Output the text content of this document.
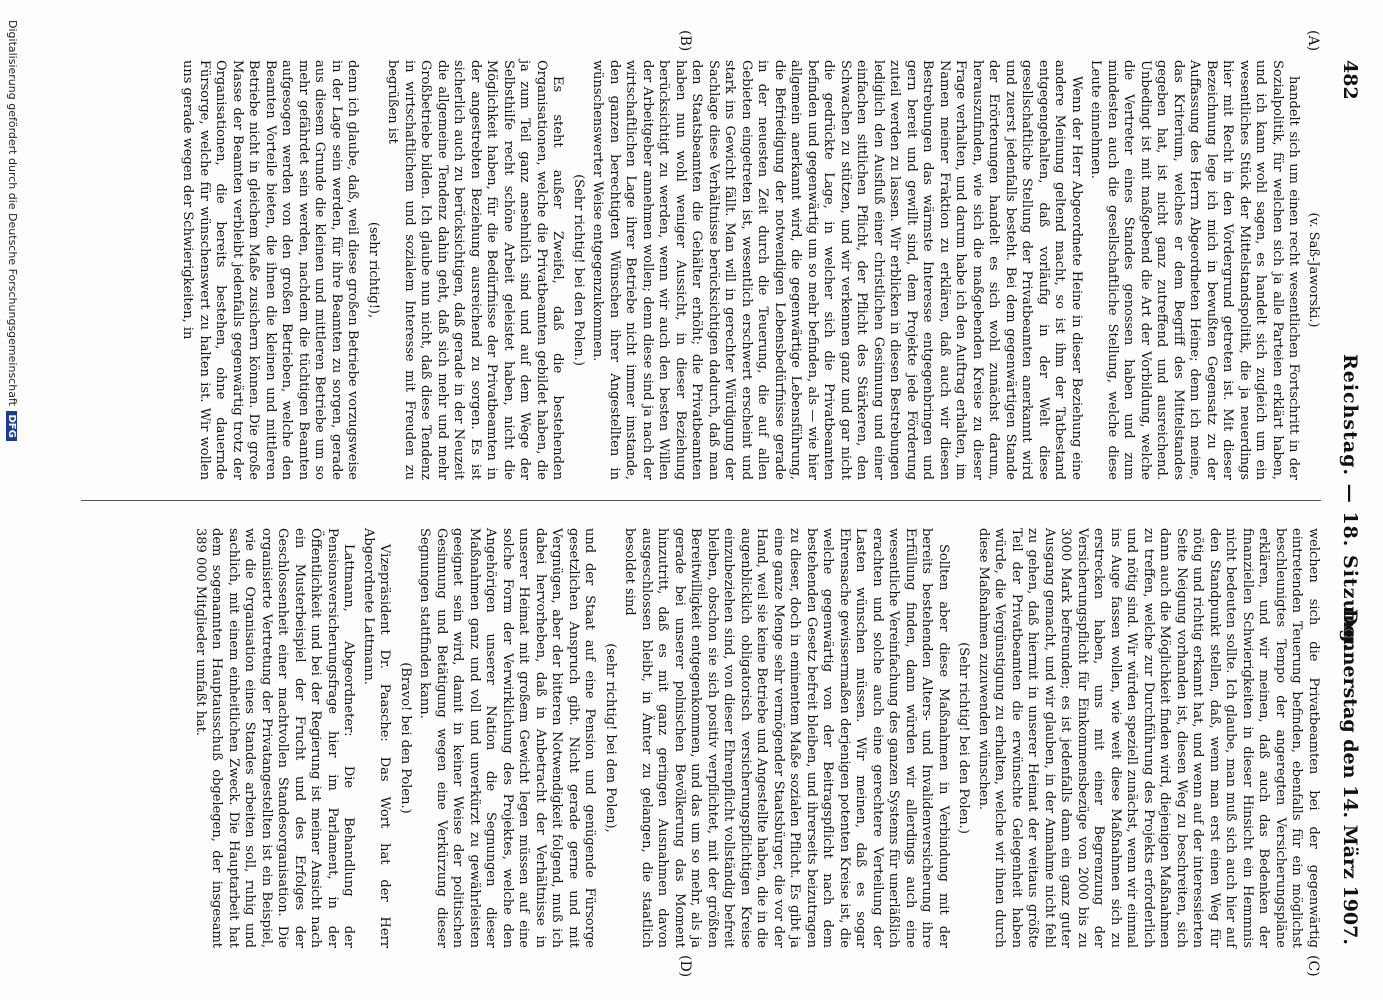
482
Reichstag. — 18. Sitzung.
Donnerstag den 14. März 1907.
(A)
(B)
(C)
(D)
(v. Saß-Jaworski.)

handelt sich um einen recht wesentlichen Fortschritt in der Sozialpolitik, für welchen sich ja alle Parteien erklärt haben, und ich kann wohl sagen, es handelt sich zugleich um ein wesentliches Stück der Mittelstandspolitik, die ja neuerdings hier mit Recht in den Vordergrund getreten ist. Mit dieser Bezeichnung lege ich mich in bewußten Gegensatz zu der Auffassung des Herrn Abgeordneten Heine; denn ich meine, das Kriterium, welches er dem Begriff des Mittelstandes gegeben hat, ist nicht ganz zutreffend und ausreichend. Unbedingt ist mit maßgebend die Art der Vorbildung, welche die Vertreter eines Standes genossen haben und zum mindesten auch die gesellschaftliche Stellung, welche diese Leute einnehmen.

Wenn der Herr Abgeordnete Heine in dieser Beziehung eine andere Meinung geltend macht, so ist ihm der Tatbestand entgegengehalten, daß vorläufig in der Welt diese gesellschaftliche Stellung der Privatbeamten anerkannt wird und zuerst jedenfalls besteht. Bei dem gegenwärtigen Stande der Erörterungen handelt es sich wohl zunächst darum, herauszufinden, wie sich die maßgebenden Kreise zu dieser Frage verhalten, und darum habe ich den Auftrag erhalten, im Namen meiner Fraktion zu erklären, daß auch wir diesen Bestrebungen das wärmste Interesse entgegenbringen und gern bereit und gewillt sind, dem Projekte jede Förderung zuteil werden zu lassen. Wir erblicken in diesen Bestrebungen lediglich den Ausfluß einer christlichen Gesinnung und einer einfachen sittlichen Pflicht, der Pflicht des Stärkeren, den Schwachen zu stützen, und wir verkennen ganz und gar nicht die gedrückte Lage, in welcher sich die Privatbeamten befinden und gegenwärtig um so mehr befinden, als — wie hier allgemein anerkannt wird, die gegenwärtige Lebensführung, die Befriedigung der notwendigen Lebensbedürfnisse gerade in der neuesten Zeit durch die Teuerung, die auf allen Gebieten eingetreten ist, wesentlich erschwert erscheint und stark ins Gewicht fällt. Man will in gerechter Würdigung der Sachlage diese Verhältnisse berücksichtigen dadurch, daß man den Staatsbeamten die Gehälter erhöht; die Privatbeamten haben nun wohl weniger Aussicht, in dieser Beziehung berücksichtigt zu werden, wenn wir auch den besten Willen der Arbeitgeber annehmen wollen; denn diese sind ja nach der wirtschaftlichen Lage ihrer Betriebe nicht immer imstande, den ganzen berechtigten Wünschen ihrer Angestellten in wünschenswerter Weise entgegenzukommen.

(Sehr richtig! bei den Polen.)

Es steht außer Zweifel, daß die bestehenden Organisationen, welche die Privatbeamten gebildet haben, die ja zum Teil ganz ansehnlich sind und auf dem Wege der Selbsthilfe recht schöne Arbeit geleistet haben, nicht die Möglichkeit haben, für die Bedürfnisse der Privatbeamten in der angestrebten Beziehung ausreichend zu sorgen. Es ist sicherlich auch zu berücksichtigen, daß gerade in der Neuzeit die allgemeine Tendenz dahin geht, daß sich mehr und mehr Großbetriebe bilden. Ich glaube nun nicht, daß diese Tendenz in wirtschaftlichem und sozialem Interesse mit Freuden zu begrüßen ist

(sehr richtig!),

denn ich glaube, daß, weil diese großen Betriebe vorzugsweise in der Lage sein werden, für ihre Beamten zu sorgen, gerade aus diesem Grunde die kleinen und mittleren Betriebe um so mehr gefährdet sein werden, nachdem die tüchtigen Beamten aufgesogen werden von den großen Betrieben, welche den Beamten Vorteile bieten, die ihnen die kleinen und mittleren Betriebe nicht in gleichem Maße zusichern können. Die große Masse der Beamten verbleibt jedenfalls gegenwärtig trotz der Organisationen, die bereits bestehen, ohne dauernde Fürsorge, welche für wünschenswert zu halten ist. Wir wollen uns gerade wegen der Schwierigkeiten, in

welchen sich die Privatbeamten bei der gegenwärtig eintretenden Teuerung befinden, ebenfalls für ein möglichst beschleunigtes Tempo der angeregten Versicherungspläne erklären, und wir meinen, daß auch das Bedenken der finanziellen Schwierigkeiten in dieser Hinsicht ein Hemmnis nicht bedeuten sollte. Ich glaube, man muß sich auch hier auf den Standpunkt stellen, daß, wenn man erst einen Weg für nötig und richtig erkannt hat, und wenn auf der interessierten Seite Neigung vorhanden ist, diesen Weg zu beschreiten, sich dann auch die Möglichkeit finden wird, diejenigen Maßnahmen zu treffen, welche zur Durchführung des Projekts erforderlich und nötig sind. Wir würden speziell zunächst, wenn wir einmal ins Auge fassen wollen, wie weit diese Maßnahmen sich zu erstrecken haben, uns mit einer Begrenzung der Versicherungspflicht für Einkommensbezüge von 2000 bis zu 3000 Mark befreunden; es ist jedenfalls dann ein ganz guter Ausgang gemacht, und wir glauben, in der Annahme nicht fehl zu gehen, daß hiermit in unserer Heimat der weitaus größte Teil der Privatbeamten die erwünschte Gelegenheit haben würde, die Vergünstigung zu erhalten, welche wir ihnen durch diese Maßnahmen zuzuwenden wünschen.

(Sehr richtig! bei den Polen.)

Sollten aber diese Maßnahmen in Verbindung mit der bereits bestehenden Alters- und Invalidenversicherung ihre Erfüllung finden, dann würden wir allerdings auch eine wesentliche Vereinfachung des ganzen Systems für unerläßlich erachten und solche auch eine gerechtere Verteilung der Lasten wünschen müssen. Wir meinen, daß es sogar Ehrensache gewissermaßen derjenigen potenten Kreise ist, die welche gegenwärtig von der Beitragspflicht nach dem bestehenden Gesetz befreit bleiben, und ihrerseits beizutragen zu dieser, doch in eminentem Maße sozialen Pflicht. Es gibt ja eine ganze Menge sehr vermögender Staatsbürger, die vor der Hand, weil sie keine Betriebe und Angestellte haben, die in die augenblicklich obligatorisch versicherungspflichtigen Kreise einzubeziehen sind, von dieser Ehrenpflicht vollständig befreit bleiben, obschon sie sich positiv verpflichtet, mit der größten Bereitwilligkeit entgegenkommen, und das um so mehr, als ja gerade bei unserer polnischen Bevölkerung das Moment hinzutritt, daß es mit ganz geringen Ausnahmen davon ausgeschlossen bleibt, in Ämter zu gelangen, die staatlich besoldet sind

(sehr richtig! bei den Polen),

und der Staat auf eine Pension und genügende Fürsorge gesetzlichen Anspruch gibt. Nicht gerade gerne und mit Vergnügen, aber der bitteren Notwendigkeit folgend, muß ich dabei hervorheben, daß in Anbetracht der Verhältnisse in unserer Heimat mit großem Gewicht legen müssen auf eine solche Form der Verwirklichung des Projektes, welche den Angehörigen unserer Nation die Segnungen dieser Maßnahmen ganz und voll und unverkürzt zu gewährleisten geeignet sein wird, damit in keiner Weise der politischen Gesinnung und Betätigung wegen eine Verkürzung dieser Segnungen stattfinden kann.

(Bravo! bei den Polen.)

Vizepräsident Dr. Paasche: Das Wort hat der Herr Abgeordnete Lattmann.

Lattmann, Abgeordneter: Die Behandlung der Pensionsversicherungsfrage hier im Parlament, in der Öffentlichkeit und bei der Regierung ist meiner Ansicht nach ein Musterbeispiel der Frucht und des Erfolges der Geschlossenheit einer machtvollen Standesorganisation. Die organisierte Vertretung der Privatangestellten ist ein Beispiel, wie die Organisation eines Standes arbeiten soll, ruhig und sachlich, mit einem einheitlichen Zweck. Die Hauptarbeit hat dem sogenannten Hauptausschuß obgelegen, der insgesamt 389 000 Mitglieder umfaßt hat.

Digitalisierung gefördert durch die Deutsche Forschungsgemeinschaft DFG
